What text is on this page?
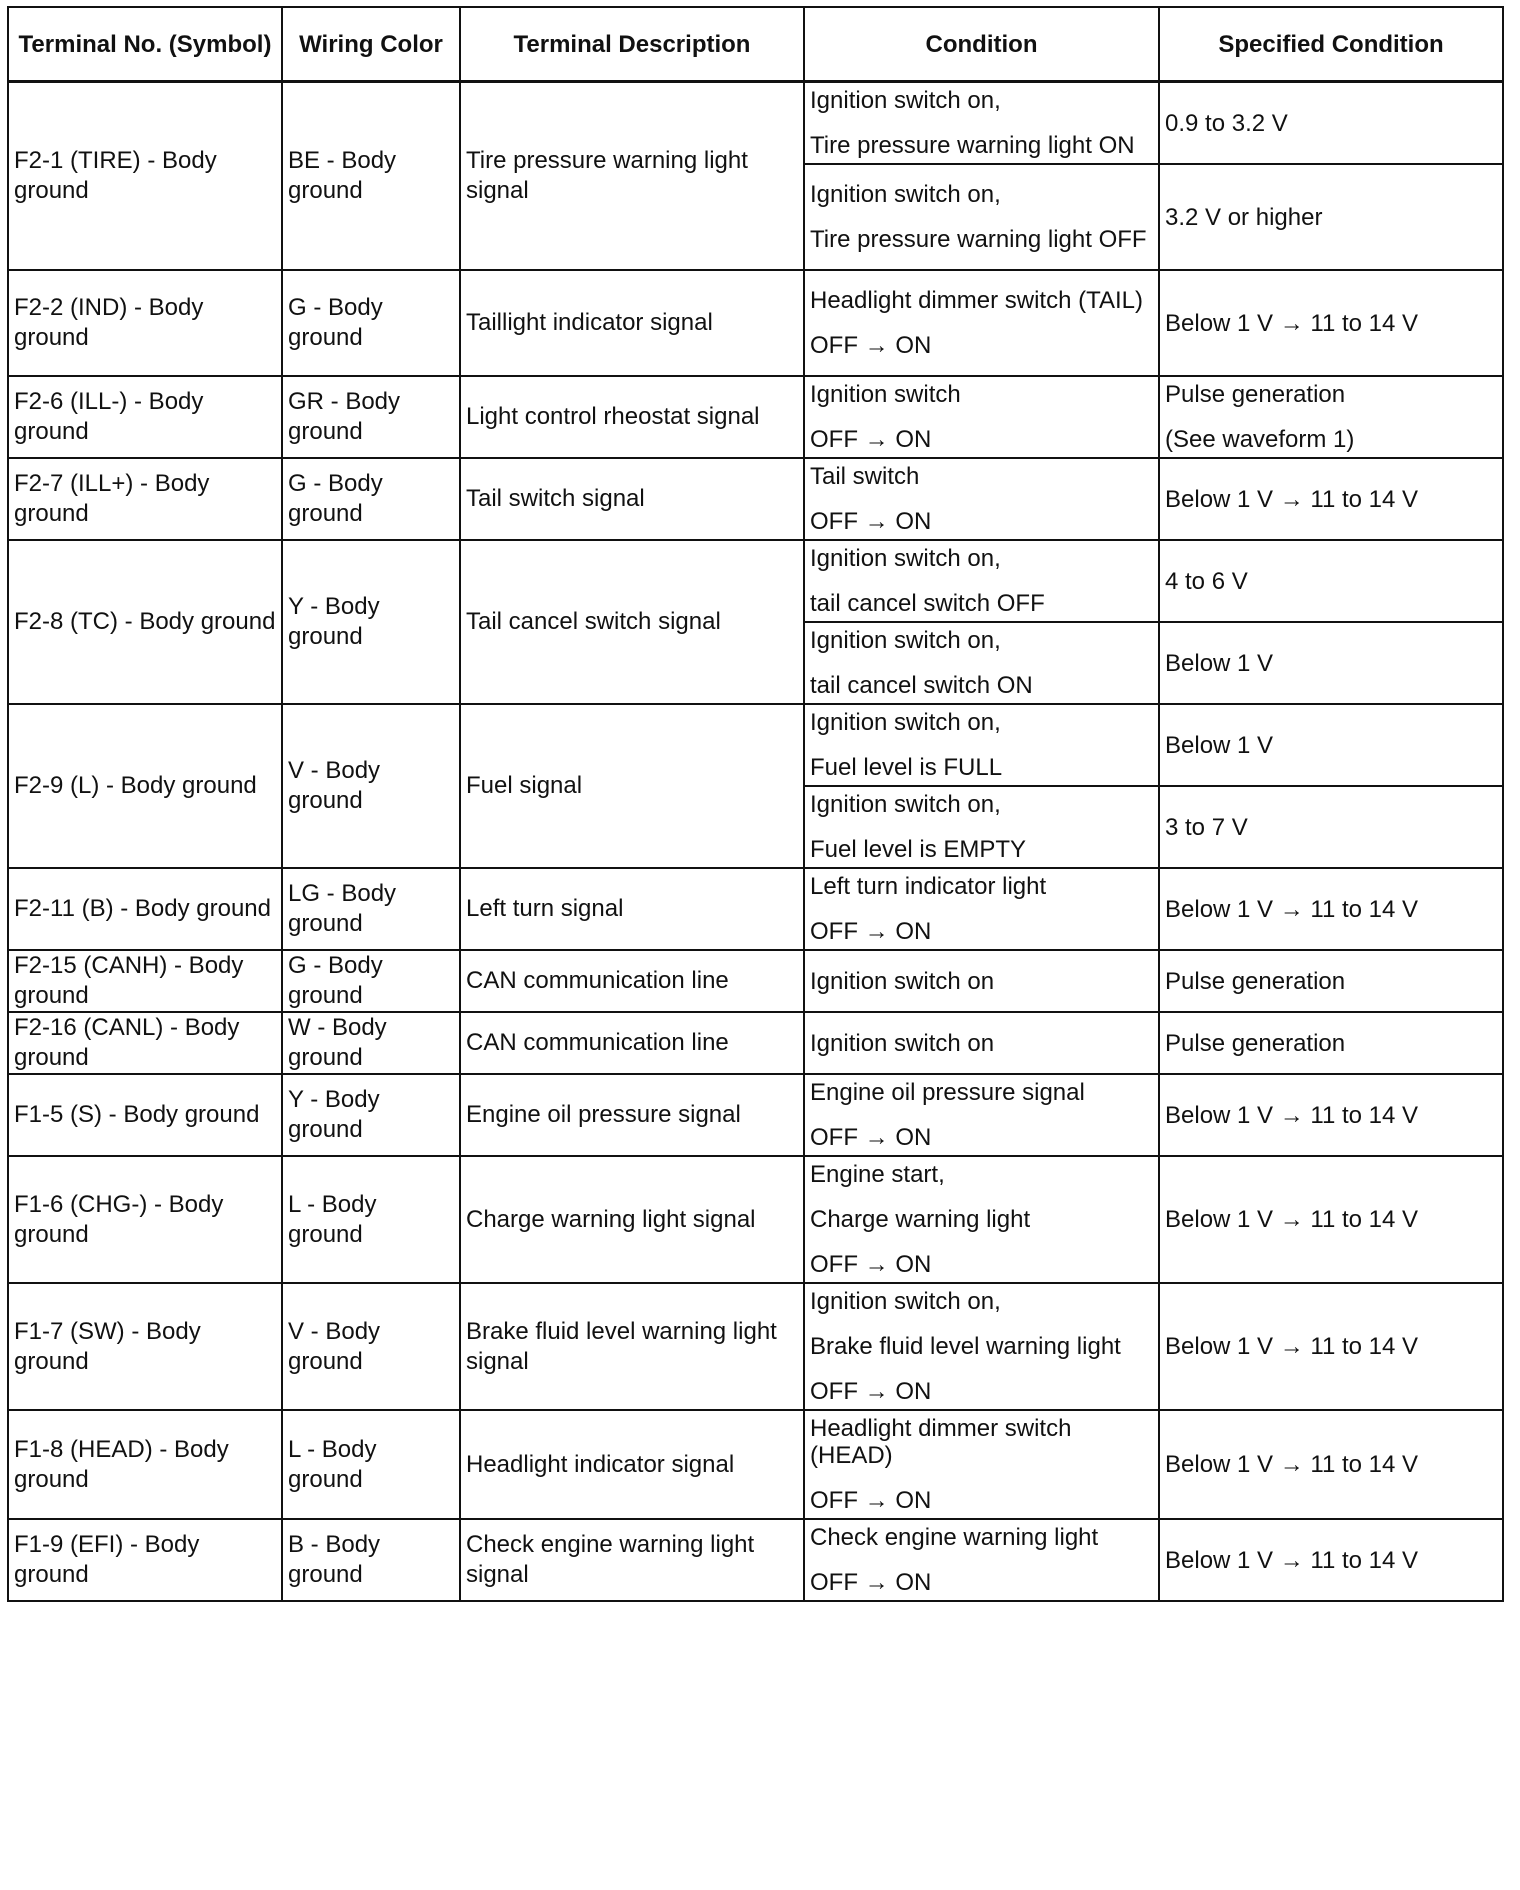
Terminal No. (Symbol)	Wiring Color	Terminal Description	Condition	Specified Condition
F2-1 (TIRE) - Body ground	BE - Body ground	Tire pressure warning light signal	Ignition switch on,
Tire pressure warning light ON	0.9 to 3.2 V

			Ignition switch on,
Tire pressure warning light OFF	3.2 V or higher

F2-2 (IND) - Body ground	G - Body ground	Taillight indicator signal	Headlight dimmer switch (TAIL)
OFF → ON	Below 1 V → 11 to 14 V

F2-6 (ILL-) - Body ground	GR - Body ground	Light control rheostat signal	Ignition switch
OFF → ON	Pulse generation
(See waveform 1)

F2-7 (ILL+) - Body ground	G - Body ground	Tail switch signal	Tail switch
OFF → ON	Below 1 V → 11 to 14 V

F2-8 (TC) - Body ground	Y - Body ground	Tail cancel switch signal	Ignition switch on,
tail cancel switch OFF	4 to 6 V

			Ignition switch on,
tail cancel switch ON	Below 1 V

F2-9 (L) - Body ground	V - Body ground	Fuel signal	Ignition switch on,
Fuel level is FULL	Below 1 V

			Ignition switch on,
Fuel level is EMPTY	3 to 7 V

F2-11 (B) - Body ground	LG - Body ground	Left turn signal	Left turn indicator light
OFF → ON	Below 1 V → 11 to 14 V

F2-15 (CANH) - Body ground	G - Body ground	CAN communication line	Ignition switch on	Pulse generation

F2-16 (CANL) - Body ground	W - Body ground	CAN communication line	Ignition switch on	Pulse generation

F1-5 (S) - Body ground	Y - Body ground	Engine oil pressure signal	Engine oil pressure signal
OFF → ON	Below 1 V → 11 to 14 V

F1-6 (CHG-) - Body ground	L - Body ground	Charge warning light signal	Engine start,
Charge warning light
OFF → ON	Below 1 V → 11 to 14 V

F1-7 (SW) - Body ground	V - Body ground	Brake fluid level warning light signal	Ignition switch on,
Brake fluid level warning light
OFF → ON	Below 1 V → 11 to 14 V

F1-8 (HEAD) - Body ground	L - Body ground	Headlight indicator signal	Headlight dimmer switch (HEAD)
OFF → ON	Below 1 V → 11 to 14 V

F1-9 (EFI) - Body ground	B - Body ground	Check engine warning light signal	Check engine warning light
OFF → ON	Below 1 V → 11 to 14 V
